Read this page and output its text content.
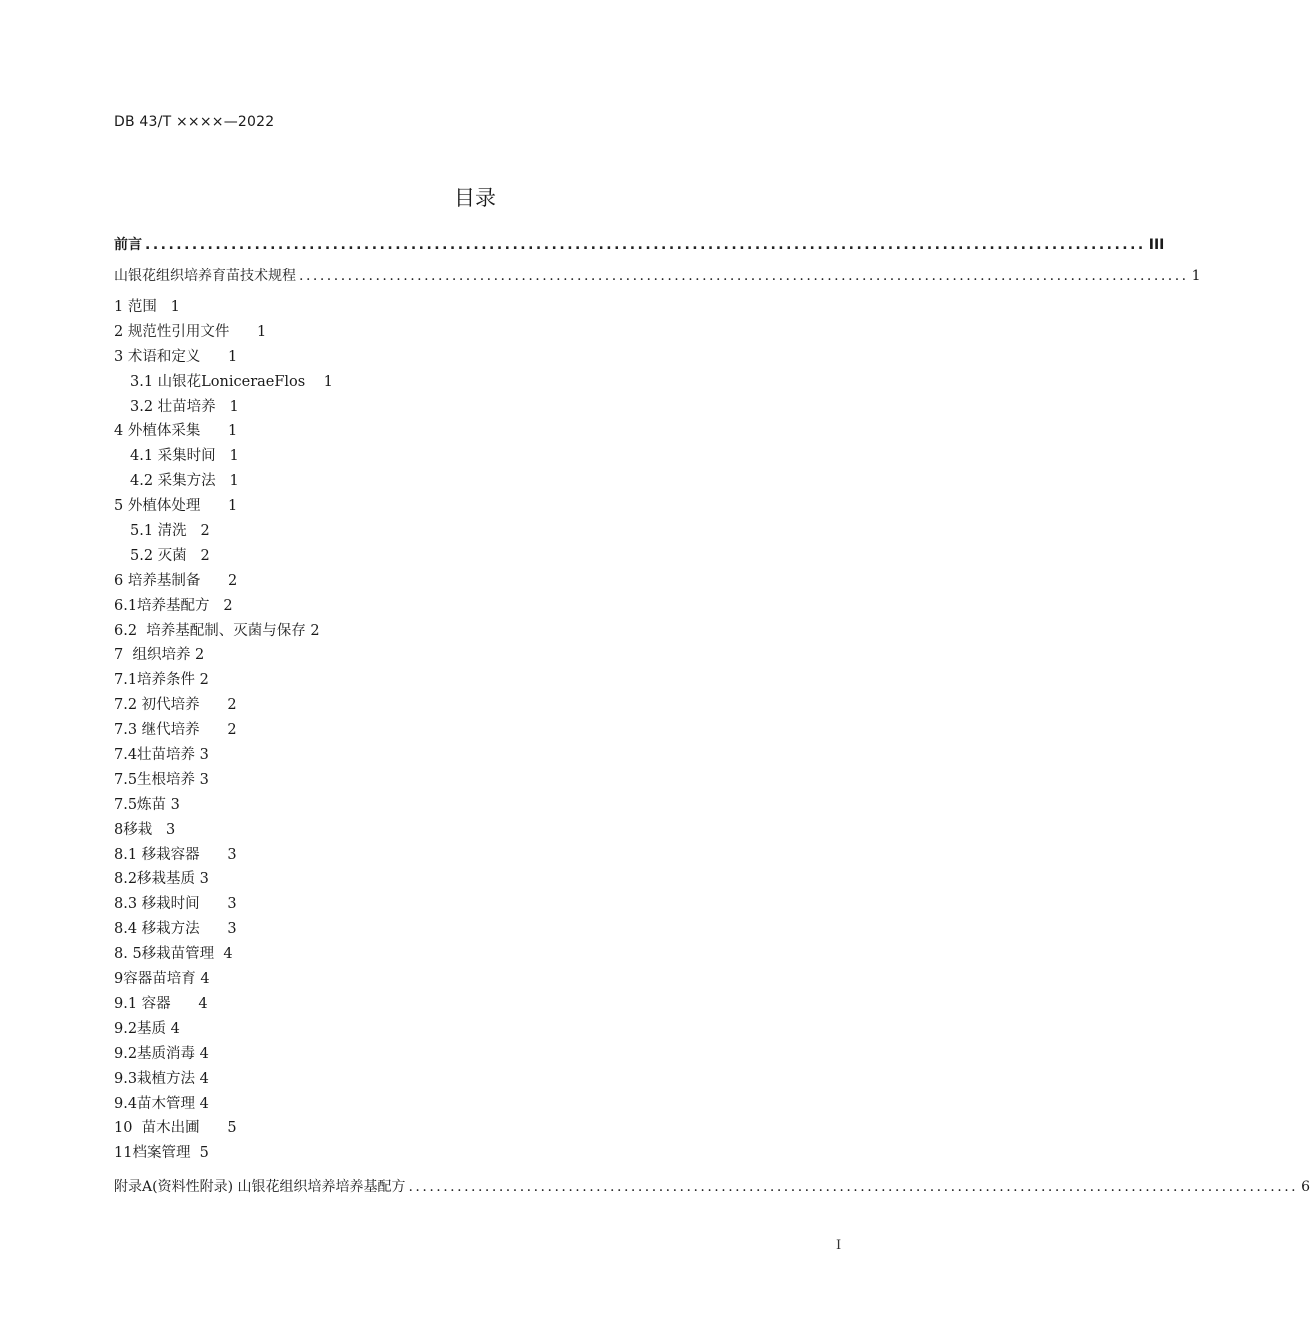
DB 43/T ××××—2022
目录
前言 ................................................................................................................................ III
山银花组织培养育苗技术规程 ................................................................................................................................ 1
1 范围   1
2 规范性引用文件      1
3 术语和定义      1
3.1 山银花LoniceraeFlos    1
3.2 壮苗培养   1
4 外植体采集      1
4.1 采集时间   1
4.2 采集方法   1
5 外植体处理      1
5.1 清洗   2
5.2 灭菌   2
6 培养基制备      2
6.1培养基配方   2
6.2  培养基配制、灭菌与保存 2
7  组织培养 2
7.1培养条件 2
7.2 初代培养      2
7.3 继代培养      2
7.4壮苗培养 3
7.5生根培养 3
7.5炼苗 3
8移栽   3
8.1 移栽容器      3
8.2移栽基质 3
8.3 移栽时间      3
8.4 移栽方法      3
8. 5移栽苗管理  4
9容器苗培育 4
9.1 容器      4
9.2基质 4
9.2基质消毒 4
9.3栽植方法 4
9.4苗木管理 4
10  苗木出圃      5
11档案管理  5
附录A(资料性附录) 山银花组织培养培养基配方 ................................................................................................................................ 6
I
